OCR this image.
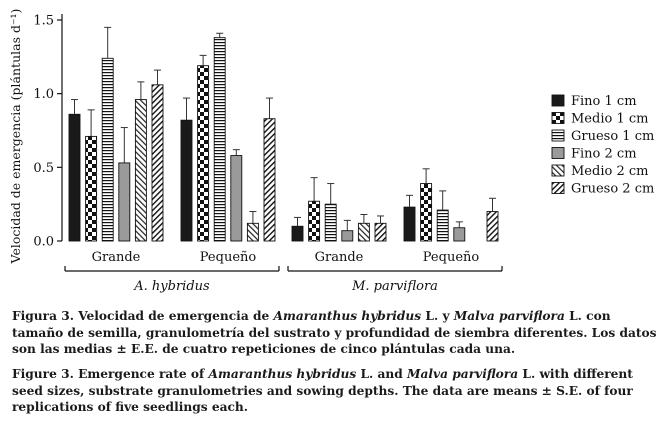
0.0
0.5
1.0
1.5
Grande	Pequeño	Grande	Pequeño
A. hybridus	M. parviflora
Fino 1 cm
Medio 1 cm
Grueso 1 cm
Fino 2 cm
Medio 2 cm
Grueso 2 cm
Velocidad de emergencia (plántulas d⁻¹)
Figura 3. Velocidad de emergencia de Amaranthus hybridus L. y Malva parviflora L. con tamaño de semilla, granulometría del sustrato y profundidad de siembra diferentes. Los datos son las medias ± E.E. de cuatro repeticiones de cinco plántulas cada una.
Figure 3. Emergence rate of Amaranthus hybridus L. and Malva parviflora L. with different seed sizes, substrate granulometries and sowing depths. The data are means ± S.E. of four replications of five seedlings each.
